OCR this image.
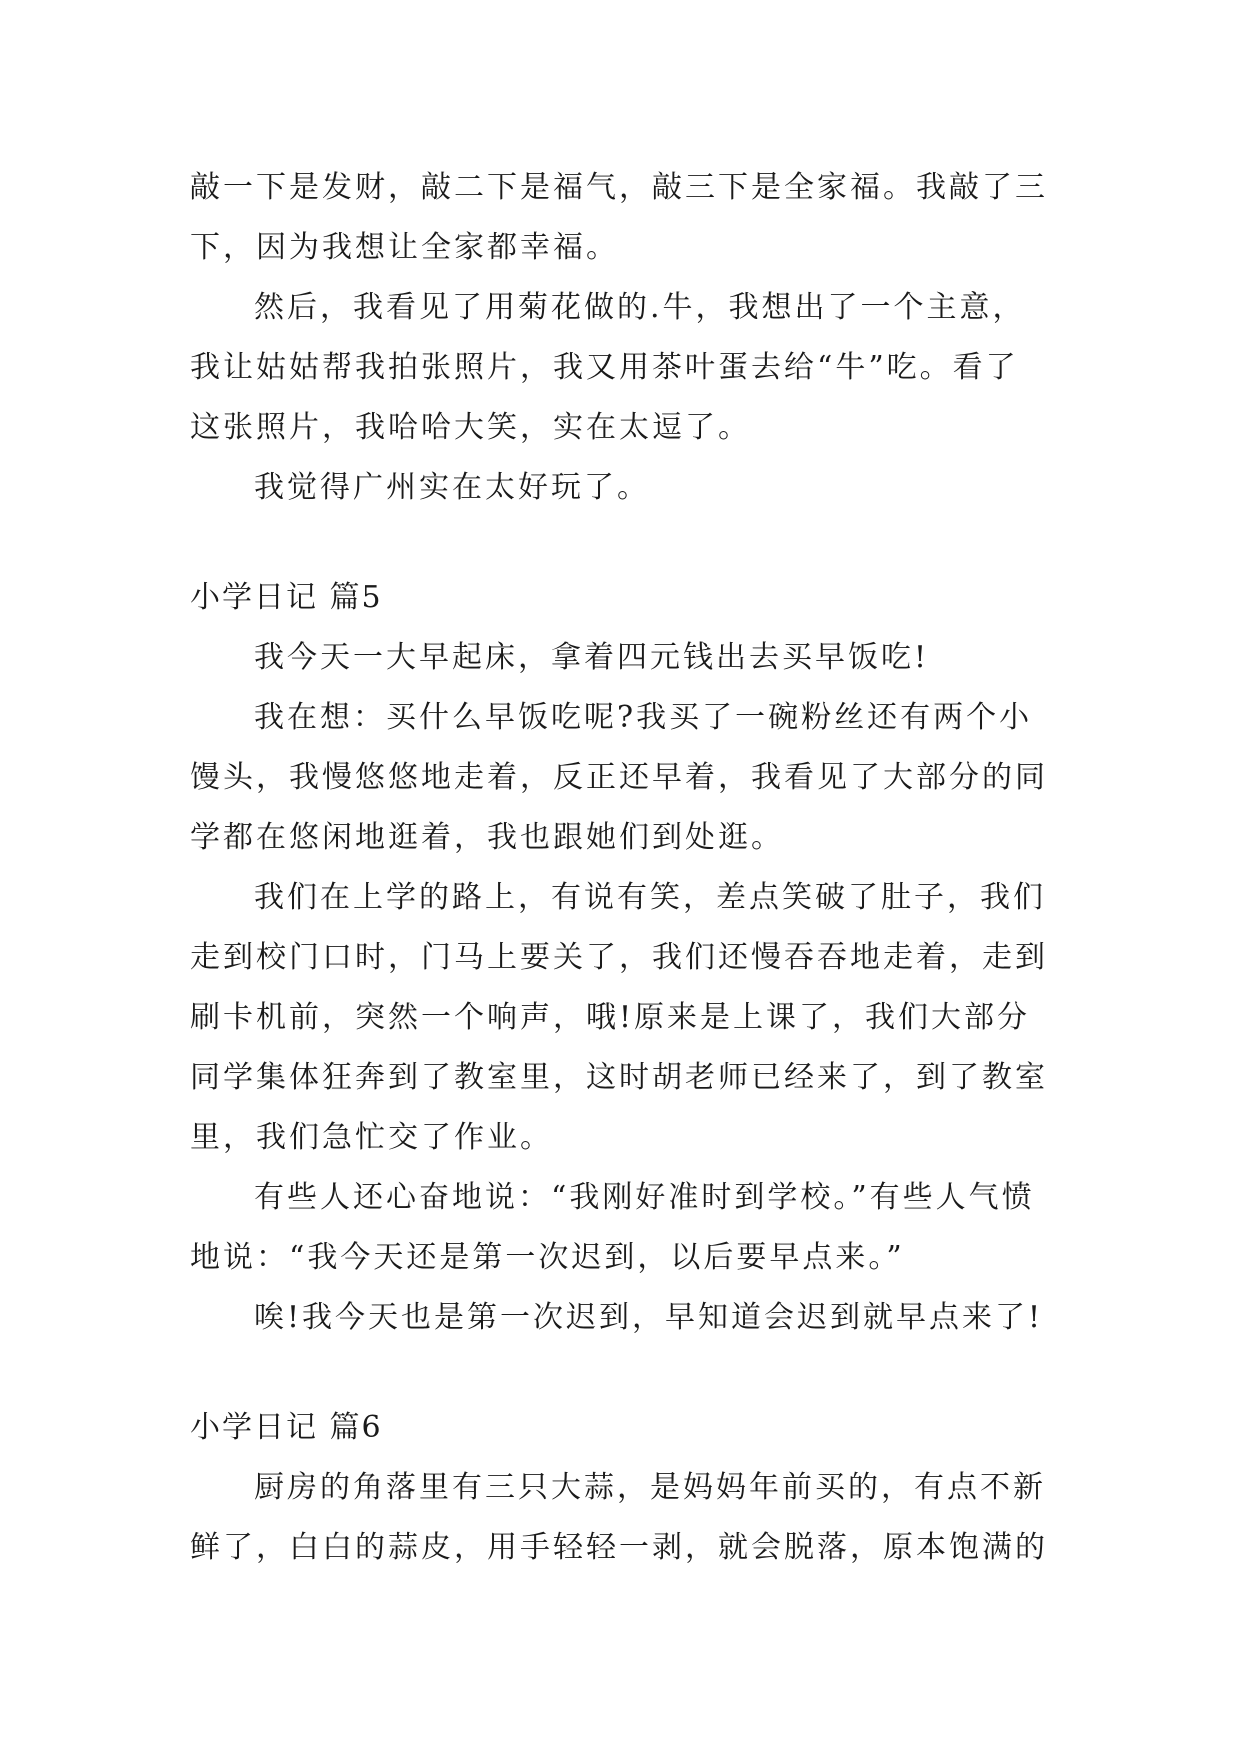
敲一下是发财，敲二下是福气，敲三下是全家福。我敲了三
下，因为我想让全家都幸福。
然后，我看见了用菊花做的.牛，我想出了一个主意，
我让姑姑帮我拍张照片，我又用茶叶蛋去给“牛”吃。看了
这张照片，我哈哈大笑，实在太逗了。
我觉得广州实在太好玩了。
小学日记 篇5
我今天一大早起床，拿着四元钱出去买早饭吃!
我在想：买什么早饭吃呢?我买了一碗粉丝还有两个小
馒头，我慢悠悠地走着，反正还早着，我看见了大部分的同
学都在悠闲地逛着，我也跟她们到处逛。
我们在上学的路上，有说有笑，差点笑破了肚子，我们
走到校门口时，门马上要关了，我们还慢吞吞地走着，走到
刷卡机前，突然一个响声，哦!原来是上课了，我们大部分
同学集体狂奔到了教室里，这时胡老师已经来了，到了教室
里，我们急忙交了作业。
有些人还心奋地说：“我刚好准时到学校。”有些人气愤
地说：“我今天还是第一次迟到，以后要早点来。”
唉!我今天也是第一次迟到，早知道会迟到就早点来了!
小学日记 篇6
厨房的角落里有三只大蒜，是妈妈年前买的，有点不新
鲜了，白白的蒜皮，用手轻轻一剥，就会脱落，原本饱满的
